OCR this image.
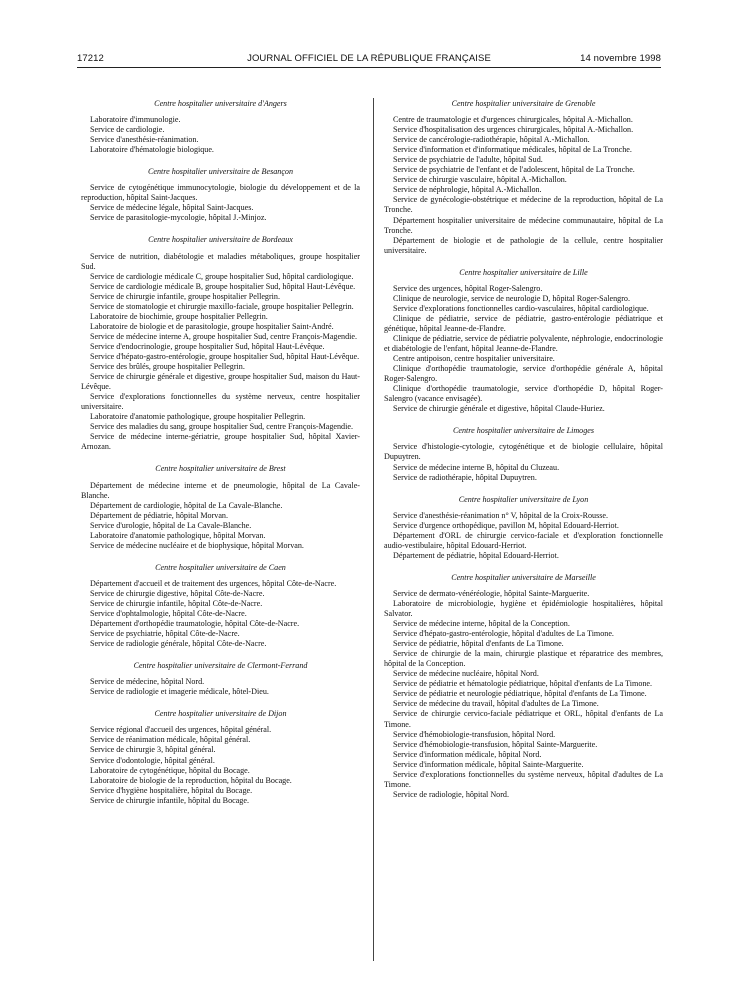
17212	JOURNAL OFFICIEL DE LA RÉPUBLIQUE FRANÇAISE	14 novembre 1998
Centre hospitalier universitaire d'Angers

Laboratoire d'immunologie.

Service de cardiologie.

Service d'anesthésie-réanimation.

Laboratoire d'hématologie biologique.

Centre hospitalier universitaire de Besançon

Service de cytogénétique immunocytologie, biologie du développement et de la reproduction, hôpital Saint-Jacques.

Service de médecine légale, hôpital Saint-Jacques.

Service de parasitologie-mycologie, hôpital J.-Minjoz.

Centre hospitalier universitaire de Bordeaux

Service de nutrition, diabétologie et maladies métaboliques, groupe hospitalier Sud.

Service de cardiologie médicale C, groupe hospitalier Sud, hôpital cardiologique.

Service de cardiologie médicale B, groupe hospitalier Sud, hôpital Haut-Lévêque.

Service de chirurgie infantile, groupe hospitalier Pellegrin.

Service de stomatologie et chirurgie maxillo-faciale, groupe hospitalier Pellegrin.

Laboratoire de biochimie, groupe hospitalier Pellegrin.

Laboratoire de biologie et de parasitologie, groupe hospitalier Saint-André.

Service de médecine interne A, groupe hospitalier Sud, centre François-Magendie.

Service d'endocrinologie, groupe hospitalier Sud, hôpital Haut-Lévêque.

Service d'hépato-gastro-entérologie, groupe hospitalier Sud, hôpital Haut-Lévêque.

Service des brûlés, groupe hospitalier Pellegrin.

Service de chirurgie générale et digestive, groupe hospitalier Sud, maison du Haut-Lévêque.

Service d'explorations fonctionnelles du système nerveux, centre hospitalier universitaire.

Laboratoire d'anatomie pathologique, groupe hospitalier Pellegrin.

Service des maladies du sang, groupe hospitalier Sud, centre François-Magendie.

Service de médecine interne-gériatrie, groupe hospitalier Sud, hôpital Xavier-Arnozan.

Centre hospitalier universitaire de Brest

Département de médecine interne et de pneumologie, hôpital de La Cavale-Blanche.

Département de cardiologie, hôpital de La Cavale-Blanche.

Département de pédiatrie, hôpital Morvan.

Service d'urologie, hôpital de La Cavale-Blanche.

Laboratoire d'anatomie pathologique, hôpital Morvan.

Service de médecine nucléaire et de biophysique, hôpital Morvan.

Centre hospitalier universitaire de Caen

Département d'accueil et de traitement des urgences, hôpital Côte-de-Nacre.

Service de chirurgie digestive, hôpital Côte-de-Nacre.

Service de chirurgie infantile, hôpital Côte-de-Nacre.

Service d'ophtalmologie, hôpital Côte-de-Nacre.

Département d'orthopédie traumatologie, hôpital Côte-de-Nacre.

Service de psychiatrie, hôpital Côte-de-Nacre.

Service de radiologie générale, hôpital Côte-de-Nacre.

Centre hospitalier universitaire de Clermont-Ferrand

Service de médecine, hôpital Nord.

Service de radiologie et imagerie médicale, hôtel-Dieu.

Centre hospitalier universitaire de Dijon

Service régional d'accueil des urgences, hôpital général.

Service de réanimation médicale, hôpital général.

Service de chirurgie 3, hôpital général.

Service d'odontologie, hôpital général.

Laboratoire de cytogénétique, hôpital du Bocage.

Laboratoire de biologie de la reproduction, hôpital du Bocage.

Service d'hygiène hospitalière, hôpital du Bocage.

Service de chirurgie infantile, hôpital du Bocage.

Centre hospitalier universitaire de Grenoble

Centre de traumatologie et d'urgences chirurgicales, hôpital A.-Michallon.

Service d'hospitalisation des urgences chirurgicales, hôpital A.-Michallon.

Service de cancérologie-radiothérapie, hôpital A.-Michallon.

Service d'information et d'informatique médicales, hôpital de La Tronche.

Service de psychiatrie de l'adulte, hôpital Sud.

Service de psychiatrie de l'enfant et de l'adolescent, hôpital de La Tronche.

Service de chirurgie vasculaire, hôpital A.-Michallon.

Service de néphrologie, hôpital A.-Michallon.

Service de gynécologie-obstétrique et médecine de la reproduction, hôpital de La Tronche.

Département hospitalier universitaire de médecine communautaire, hôpital de La Tronche.

Département de biologie et de pathologie de la cellule, centre hospitalier universitaire.

Centre hospitalier universitaire de Lille

Service des urgences, hôpital Roger-Salengro.

Clinique de neurologie, service de neurologie D, hôpital Roger-Salengro.

Service d'explorations fonctionnelles cardio-vasculaires, hôpital cardiologique.

Clinique de pédiatrie, service de pédiatrie, gastro-entérologie pédiatrique et génétique, hôpital Jeanne-de-Flandre.

Clinique de pédiatrie, service de pédiatrie polyvalente, néphrologie, endocrinologie et diabétologie de l'enfant, hôpital Jeanne-de-Flandre.

Centre antipoison, centre hospitalier universitaire.

Clinique d'orthopédie traumatologie, service d'orthopédie générale A, hôpital Roger-Salengro.

Clinique d'orthopédie traumatologie, service d'orthopédie D, hôpital Roger-Salengro (vacance envisagée).

Service de chirurgie générale et digestive, hôpital Claude-Huriez.

Centre hospitalier universitaire de Limoges

Service d'histologie-cytologie, cytogénétique et de biologie cellulaire, hôpital Dupuytren.

Service de médecine interne B, hôpital du Cluzeau.

Service de radiothérapie, hôpital Dupuytren.

Centre hospitalier universitaire de Lyon

Service d'anesthésie-réanimation n° V, hôpital de la Croix-Rousse.

Service d'urgence orthopédique, pavillon M, hôpital Edouard-Herriot.

Département d'ORL de chirurgie cervico-faciale et d'exploration fonctionnelle audio-vestibulaire, hôpital Edouard-Herriot.

Département de pédiatrie, hôpital Edouard-Herriot.

Centre hospitalier universitaire de Marseille

Service de dermato-vénéréologie, hôpital Sainte-Marguerite.

Laboratoire de microbiologie, hygiène et épidémiologie hospitalières, hôpital Salvator.

Service de médecine interne, hôpital de la Conception.

Service d'hépato-gastro-entérologie, hôpital d'adultes de La Timone.

Service de pédiatrie, hôpital d'enfants de La Timone.

Service de chirurgie de la main, chirurgie plastique et réparatrice des membres, hôpital de la Conception.

Service de médecine nucléaire, hôpital Nord.

Service de pédiatrie et hématologie pédiatrique, hôpital d'enfants de La Timone.

Service de pédiatrie et neurologie pédiatrique, hôpital d'enfants de La Timone.

Service de médecine du travail, hôpital d'adultes de La Timone.

Service de chirurgie cervico-faciale pédiatrique et ORL, hôpital d'enfants de La Timone.

Service d'hémobiologie-transfusion, hôpital Nord.

Service d'hémobiologie-transfusion, hôpital Sainte-Marguerite.

Service d'information médicale, hôpital Nord.

Service d'information médicale, hôpital Sainte-Marguerite.

Service d'explorations fonctionnelles du système nerveux, hôpital d'adultes de La Timone.

Service de radiologie, hôpital Nord.
